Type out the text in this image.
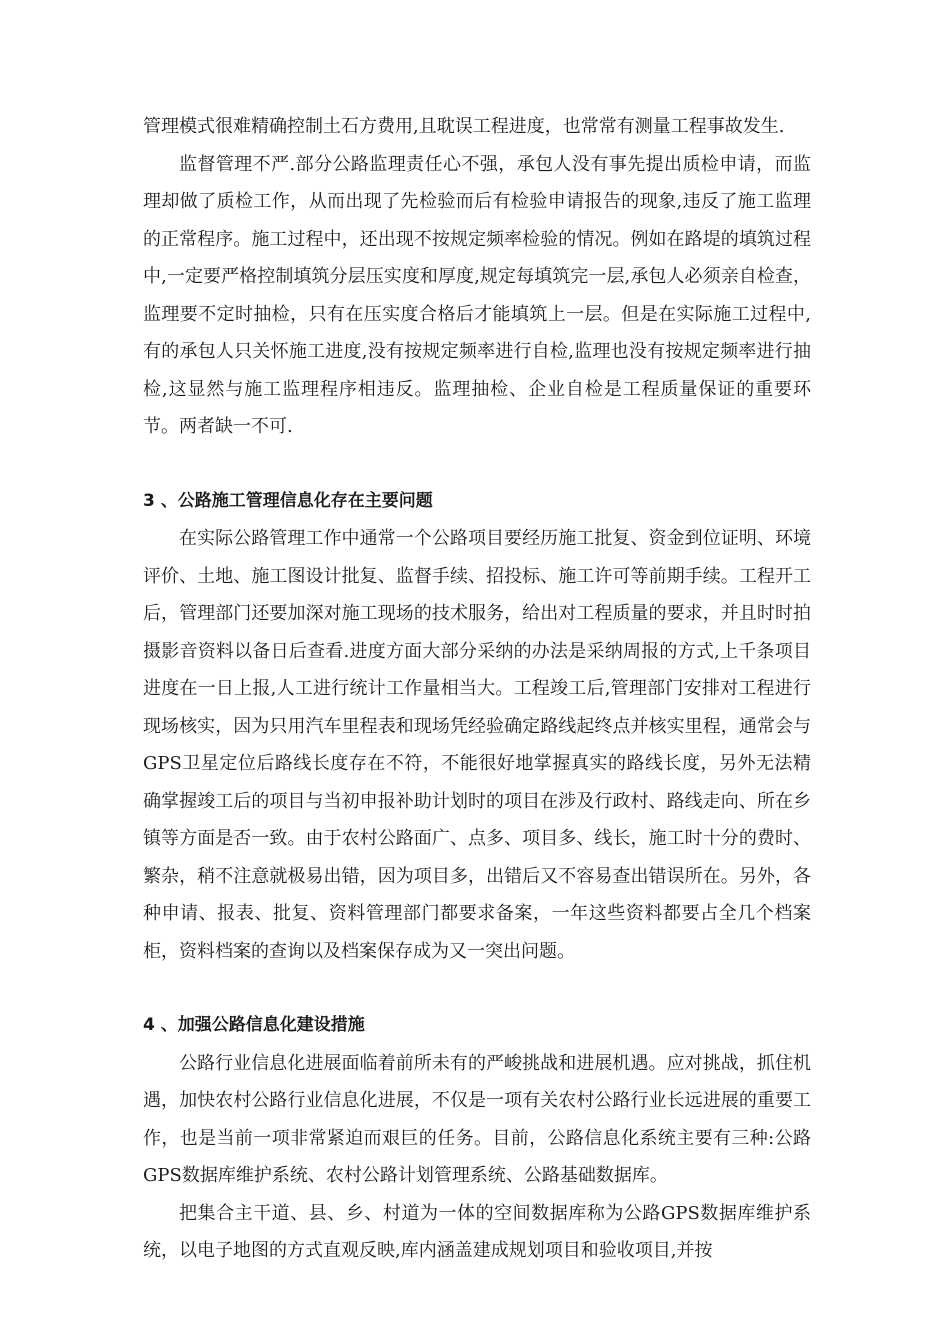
管理模式很难精确控制土石方费用,且耽误工程进度，也常常有测量工程事故发生.

监督管理不严.部分公路监理责任心不强，承包人没有事先提出质检申请，而监理却做了质检工作，从而出现了先检验而后有检验申请报告的现象,违反了施工监理的正常程序。施工过程中，还出现不按规定频率检验的情况。例如在路堤的填筑过程中,一定要严格控制填筑分层压实度和厚度,规定每填筑完一层,承包人必须亲自检查，监理要不定时抽检，只有在压实度合格后才能填筑上一层。但是在实际施工过程中,有的承包人只关怀施工进度,没有按规定频率进行自检,监理也没有按规定频率进行抽检,这显然与施工监理程序相违反。监理抽检、企业自检是工程质量保证的重要环节。两者缺一不可.

3 、公路施工管理信息化存在主要问题

在实际公路管理工作中通常一个公路项目要经历施工批复、资金到位证明、环境评价、土地、施工图设计批复、监督手续、招投标、施工许可等前期手续。工程开工后，管理部门还要加深对施工现场的技术服务，给出对工程质量的要求，并且时时拍摄影音资料以备日后查看.进度方面大部分采纳的办法是采纳周报的方式,上千条项目进度在一日上报,人工进行统计工作量相当大。工程竣工后,管理部门安排对工程进行现场核实，因为只用汽车里程表和现场凭经验确定路线起终点并核实里程，通常会与GPS卫星定位后路线长度存在不符，不能很好地掌握真实的路线长度，另外无法精确掌握竣工后的项目与当初申报补助计划时的项目在涉及行政村、路线走向、所在乡镇等方面是否一致。由于农村公路面广、点多、项目多、线长，施工时十分的费时、繁杂，稍不注意就极易出错，因为项目多，出错后又不容易查出错误所在。另外，各种申请、报表、批复、资料管理部门都要求备案，一年这些资料都要占全几个档案柜，资料档案的查询以及档案保存成为又一突出问题。

4 、加强公路信息化建设措施

公路行业信息化进展面临着前所未有的严峻挑战和进展机遇。应对挑战，抓住机遇，加快农村公路行业信息化进展，不仅是一项有关农村公路行业长远进展的重要工作，也是当前一项非常紧迫而艰巨的任务。目前，公路信息化系统主要有三种:公路GPS数据库维护系统、农村公路计划管理系统、公路基础数据库。

把集合主干道、县、乡、村道为一体的空间数据库称为公路GPS数据库维护系统，以电子地图的方式直观反映,库内涵盖建成规划项目和验收项目,并按
